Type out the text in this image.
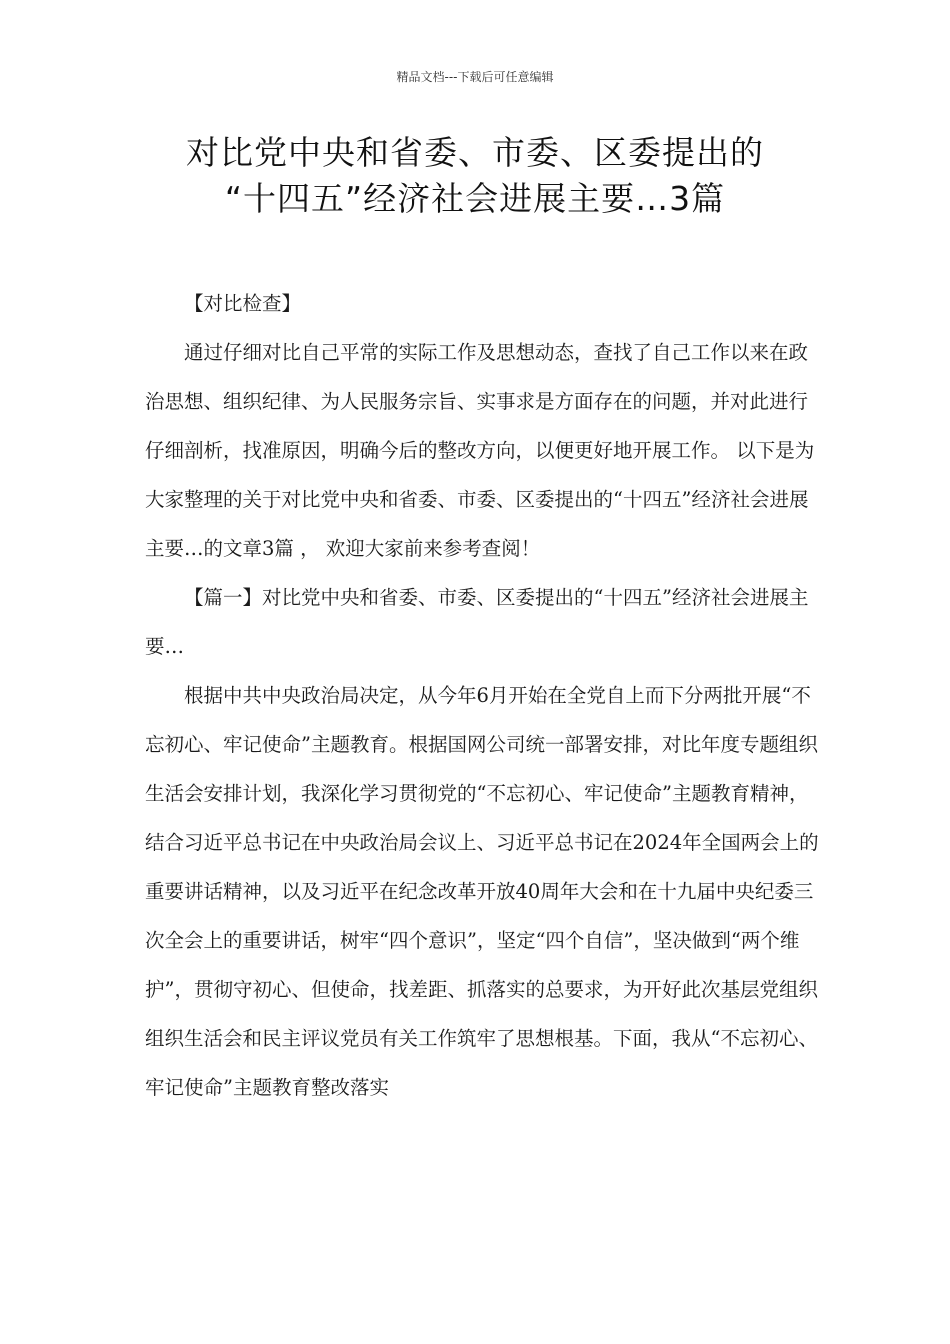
精品文档---下载后可任意编辑
对比党中央和省委、市委、区委提出的
“十四五”经济社会进展主要…3篇

【对比检查】

通过仔细对比自己平常的实际工作及思想动态，查找了自己工作以来在政治思想、组织纪律、为人民服务宗旨、实事求是方面存在的问题，并对此进行仔细剖析，找准原因，明确今后的整改方向，以便更好地开展工作。 以下是为大家整理的关于对比党中央和省委、市委、区委提出的“十四五”经济社会进展主要…的文章3篇 ， 欢迎大家前来参考查阅！

【篇一】对比党中央和省委、市委、区委提出的“十四五”经济社会进展主要…

根据中共中央政治局决定，从今年6月开始在全党自上而下分两批开展“不忘初心、牢记使命”主题教育。根据国网公司统一部署安排，对比年度专题组织生活会安排计划，我深化学习贯彻党的“不忘初心、牢记使命”主题教育精神，结合习近平总书记在中央政治局会议上、习近平总书记在2024年全国两会上的重要讲话精神，以及习近平在纪念改革开放40周年大会和在十九届中央纪委三次全会上的重要讲话，树牢“四个意识”，坚定“四个自信”，坚决做到“两个维护”，贯彻守初心、但使命，找差距、抓落实的总要求，为开好此次基层党组织组织生活会和民主评议党员有关工作筑牢了思想根基。下面，我从“不忘初心、牢记使命”主题教育整改落实
